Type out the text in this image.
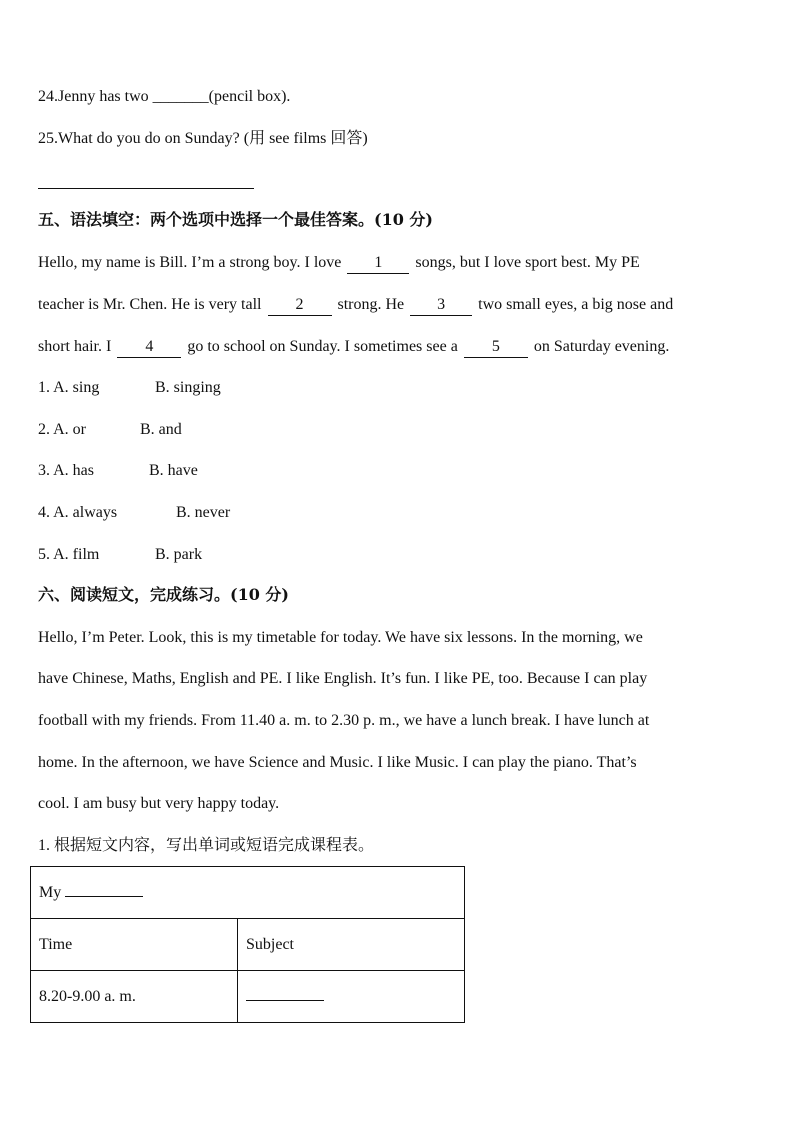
24.Jenny has two _______(pencil box).
25.What do you do on Sunday? (用 see films 回答)
五、语法填空：两个选项中选择一个最佳答案。(10 分)
Hello, my name is Bill. I’m a strong boy. I love 1 songs, but I love sport best. My PE
teacher is Mr. Chen. He is very tall 2 strong. He 3 two small eyes, a big nose and
short hair. I 4 go to school on Sunday. I sometimes see a 5 on Saturday evening.
1. A. sing	B. singing
2. A. or	B. and
3. A. has	B. have
4. A. always	B. never
5. A. film	B. park
六、阅读短文，完成练习。(10 分)
Hello, I’m Peter. Look, this is my timetable for today. We have six lessons. In the morning, we
have Chinese, Maths, English and PE. I like English. It’s fun. I like PE, too. Because I can play
football with my friends. From 11.40 a. m. to 2.30 p. m., we have a lunch break. I have lunch at
home. In the afternoon, we have Science and Music. I like Music. I can play the piano. That’s
cool. I am busy but very happy today.
1. 根据短文内容，写出单词或短语完成课程表。
My	
Time	Subject
8.20-9.00 a. m.	
